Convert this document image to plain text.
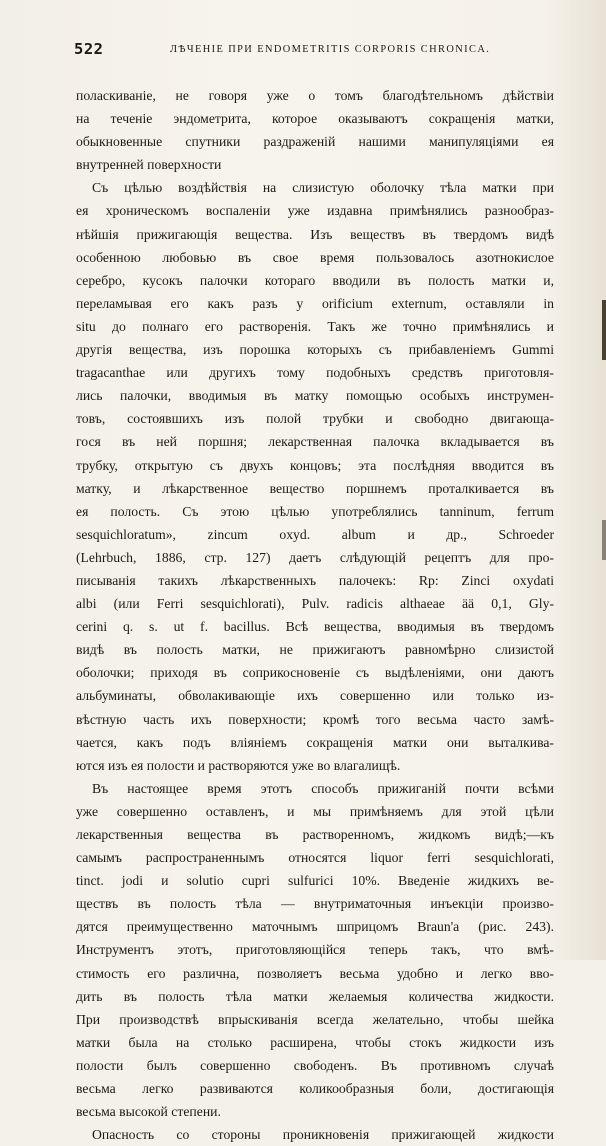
522	ЛѢЧЕНІЕ ПРИ ENDOMETRITIS CORPORIS CHRONICA.
поласкиваніе, не говоря уже о томъ благодѣтельномъ дѣйствіи
на теченіе эндометрита, которое оказываютъ сокращенія матки,
обыкновенные спутники раздраженій нашими манипуляціями ея
внутренней поверхности
Съ цѣлью воздѣйствія на слизистую оболочку тѣла матки при
ея хроническомъ воспаленіи уже издавна примѣнялись разнообраз-
нѣйшія прижигающія вещества. Изъ веществъ въ твердомъ видѣ
особенною любовью въ свое время пользовалось азотнокислое
серебро, кусокъ палочки котораго вводили въ полость матки и,
переламывая его какъ разъ у orificium externum, оставляли in
situ до полнаго его растворенія. Такъ же точно примѣнялись и
другія вещества, изъ порошка которыхъ съ прибавленіемъ Gummi
tragacanthae или другихъ тому подобныхъ средствъ приготовля-
лись палочки, вводимыя въ матку помощью особыхъ инструмен-
товъ, состоявшихъ изъ полой трубки и свободно двигающа-
гося въ ней поршня; лекарственная палочка вкладывается въ
трубку, открытую съ двухъ концовъ; эта послѣдняя вводится въ
матку, и лѣкарственное вещество поршнемъ проталкивается въ
ея полость. Съ этою цѣлью употреблялись tanninum, ferrum
sesquichloratum», zincum oxyd. album и др., Schroeder
(Lehrbuch, 1886, стр. 127) даетъ слѣдующій рецептъ для про-
писыванія такихъ лѣкарственныхъ палочекъ: Rp: Zinci oxydati
albi (или Ferri sesquichlorati), Pulv. radicis althaeae ää 0,1, Gly-
cerini q. s. ut f. bacillus. Всѣ вещества, вводимыя въ твердомъ
видѣ въ полость матки, не прижигаютъ равномѣрно слизистой
оболочки; приходя въ соприкосновеніе съ выдѣленіями, они даютъ
альбуминаты, обволакивающіе ихъ совершенно или только из-
вѣстную часть ихъ поверхности; кромѣ того весьма часто замѣ-
чается, какъ подъ вліяніемъ сокращенія матки они выталкива-
ются изъ ея полости и растворяются уже во влагалищѣ.
Въ настоящее время этотъ способъ прижиганій почти всѣми
уже совершенно оставленъ, и мы примѣняемъ для этой цѣли
лекарственныя вещества въ растворенномъ, жидкомъ видѣ;—къ
самымъ распространеннымъ относятся liquor ferri sesquichlorati,
tinct. jodi и solutio cupri sulfurici 10%. Введеніе жидкихъ ве-
ществъ въ полость тѣла — внутриматочныя инъекціи произво-
дятся преимущественно маточнымъ шприцомъ Braun'a (рис. 243).
Инструментъ этотъ, приготовляющійся теперь такъ, что вмѣ-
стимость его различна, позволяетъ весьма удобно и легко вво-
дить въ полость тѣла матки желаемыя количества жидкости.
При производствѣ впрыскиванія всегда желательно, чтобы шейка
матки была на столько расширена, чтобы стокъ жидкости изъ
полости былъ совершенно свободенъ. Въ противномъ случаѣ
весьма легко развиваются коликообразныя боли, достигающія
весьма высокой степени.
Опасность со стороны проникновенія прижигающей жидкости
